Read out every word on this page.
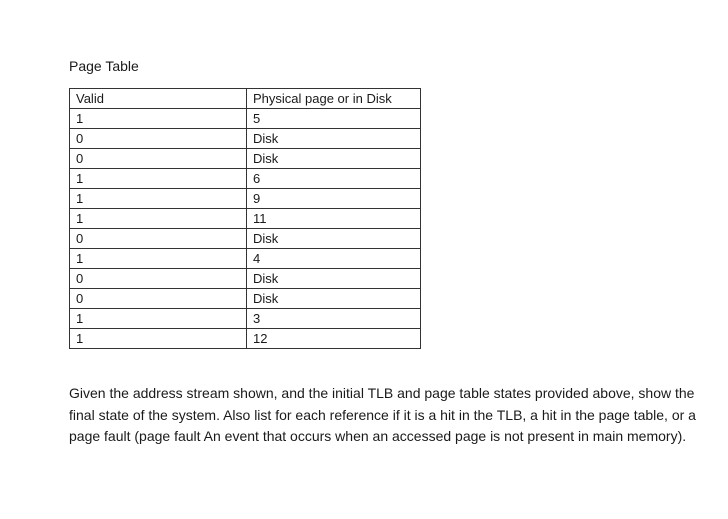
Page Table
Valid	Physical page or in Disk
1	5
0	Disk
0	Disk
1	6
1	9
1	11
0	Disk
1	4
0	Disk
0	Disk
1	3
1	12
Given the address stream shown, and the initial TLB and page table states provided above, show the final state of the system. Also list for each reference if it is a hit in the TLB, a hit in the page table, or a page fault (page fault An event that occurs when an accessed page is not present in main memory).
